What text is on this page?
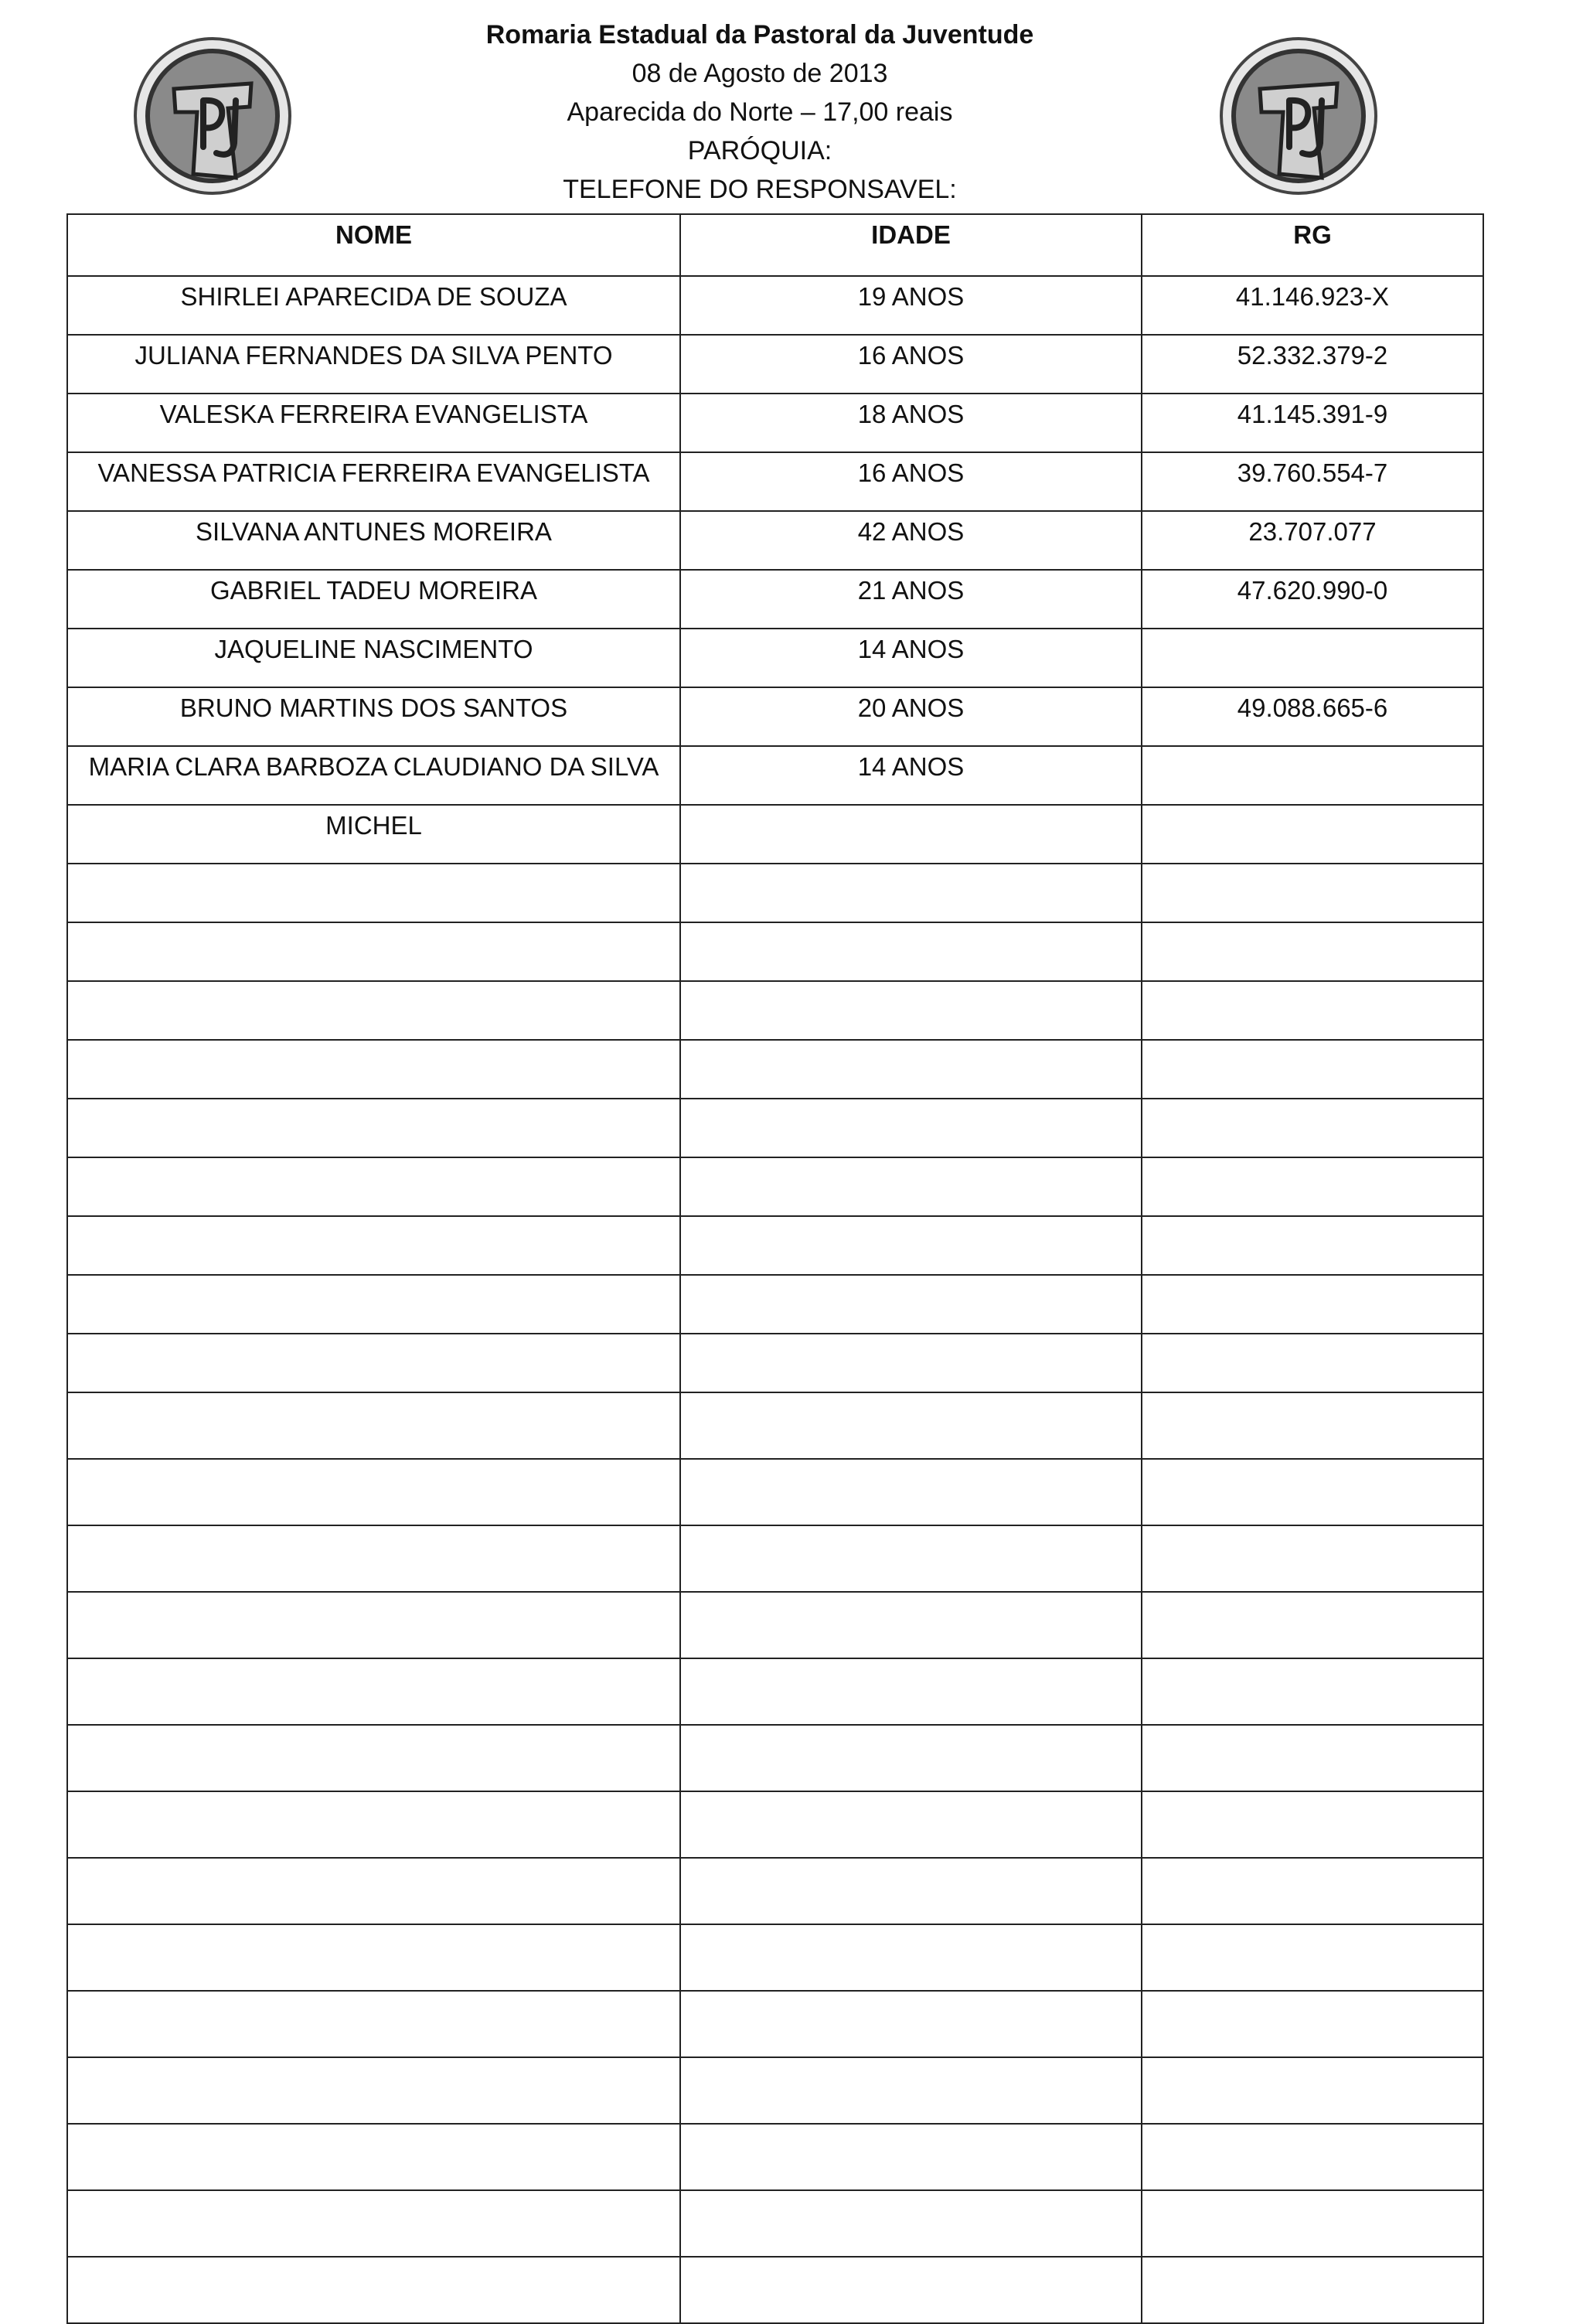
Romaria Estadual da Pastoral da Juventude
08 de Agosto de 2013
Aparecida do Norte – 17,00 reais
PARÓQUIA:
TELEFONE DO RESPONSAVEL:
NOME	IDADE	RG
SHIRLEI APARECIDA DE SOUZA	19 ANOS	41.146.923-X
JULIANA FERNANDES DA SILVA PENTO	16 ANOS	52.332.379-2
VALESKA FERREIRA EVANGELISTA	18 ANOS	41.145.391-9
VANESSA PATRICIA FERREIRA EVANGELISTA	16 ANOS	39.760.554-7
SILVANA ANTUNES MOREIRA	42 ANOS	23.707.077
GABRIEL TADEU MOREIRA	21 ANOS	47.620.990-0
JAQUELINE NASCIMENTO	14 ANOS	
BRUNO MARTINS DOS SANTOS	20 ANOS	49.088.665-6
MARIA CLARA BARBOZA CLAUDIANO DA SILVA	14 ANOS	
MICHEL		
